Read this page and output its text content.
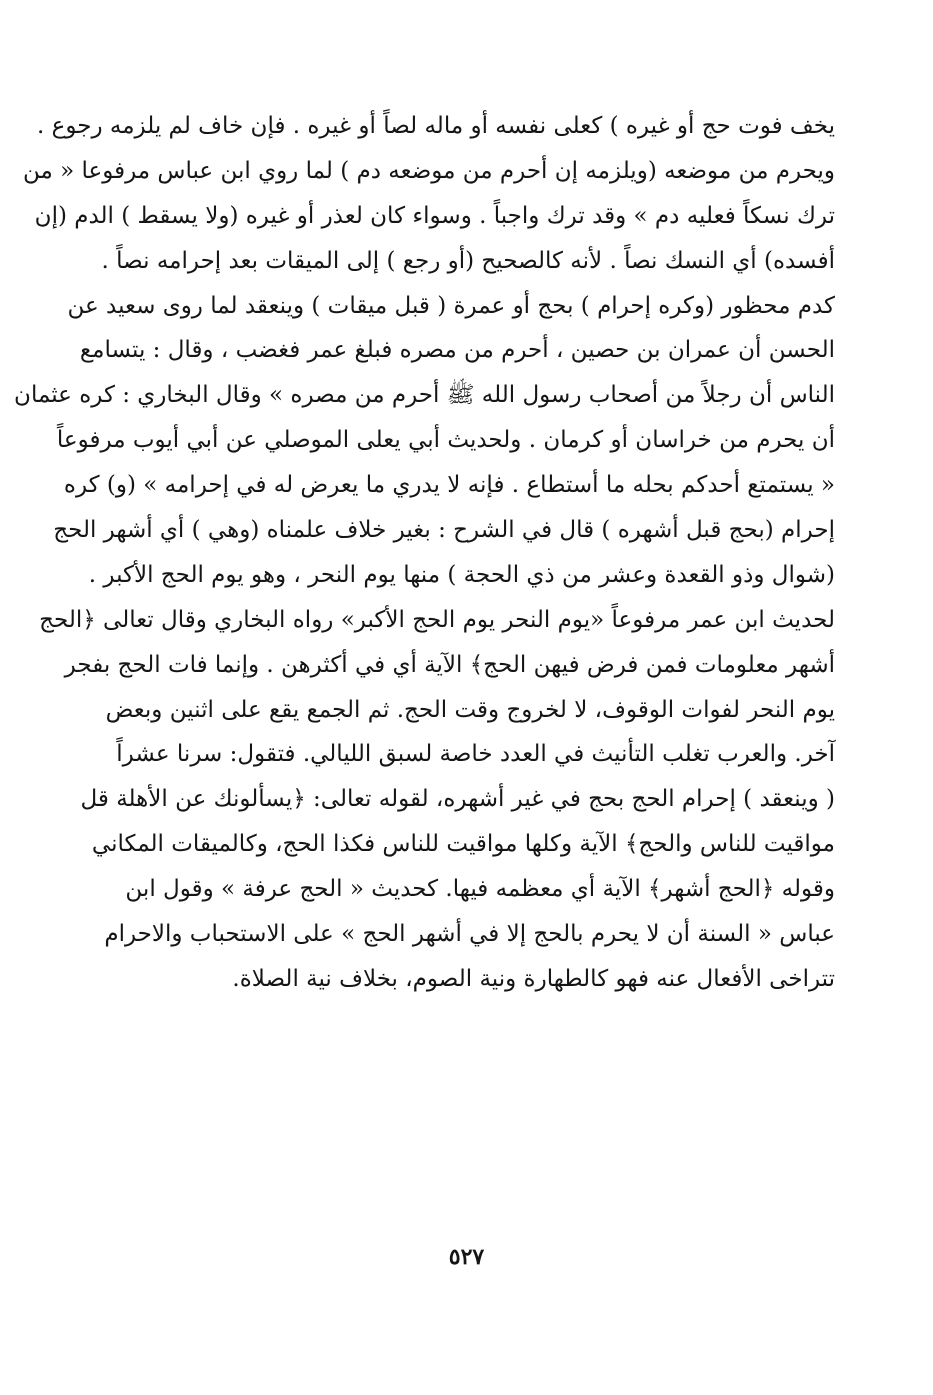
يخف فوت حج أو غيره ) كعلى نفسه أو ماله لصاً أو غيره . فإن خاف لم يلزمه رجوع .
ويحرم من موضعه (ويلزمه إن أحرم من موضعه دم ) لما روي ابن عباس مرفوعا « من
ترك نسكاً فعليه دم » وقد ترك واجباً . وسواء كان لعذر أو غيره (ولا يسقط ) الدم (إن
أفسده) أي النسك نصاً . لأنه كالصحيح (أو رجع ) إلى الميقات بعد إحرامه نصاً .
كدم محظور (وكره إحرام ) بحج أو عمرة ( قبل ميقات ) وينعقد لما روى سعيد عن
الحسن أن عمران بن حصين ، أحرم من مصره فبلغ عمر فغضب ، وقال : يتسامع
الناس أن رجلاً من أصحاب رسول الله ﷺ أحرم من مصره » وقال البخاري : كره عثمان
أن يحرم من خراسان أو كرمان . ولحديث أبي يعلى الموصلي عن أبي أيوب مرفوعاً
« يستمتع أحدكم بحله ما أستطاع . فإنه لا يدري ما يعرض له في إحرامه » (و) كره
إحرام (بحج قبل أشهره ) قال في الشرح : بغير خلاف علمناه (وهي ) أي أشهر الحج
(شوال وذو القعدة وعشر من ذي الحجة ) منها يوم النحر ، وهو يوم الحج الأكبر .
لحديث ابن عمر مرفوعاً «يوم النحر يوم الحج الأكبر» رواه البخاري وقال تعالى ﴿الحج
أشهر معلومات فمن فرض فيهن الحج﴾ الآية أي في أكثرهن . وإنما فات الحج بفجر
يوم النحر لفوات الوقوف، لا لخروج وقت الحج. ثم الجمع يقع على اثنين وبعض
آخر. والعرب تغلب التأنيث في العدد خاصة لسبق الليالي. فتقول: سرنا عشراً
( وينعقد ) إحرام الحج بحج في غير أشهره، لقوله تعالى: ﴿يسألونك عن الأهلة قل
مواقيت للناس والحج﴾ الآية وكلها مواقيت للناس فكذا الحج، وكالميقات المكاني
وقوله ﴿الحج أشهر﴾ الآية أي معظمه فيها. كحديث « الحج عرفة » وقول ابن
عباس « السنة أن لا يحرم بالحج إلا في أشهر الحج » على الاستحباب والاحرام
تتراخى الأفعال عنه فهو كالطهارة ونية الصوم، بخلاف نية الصلاة.
٥٢٧
